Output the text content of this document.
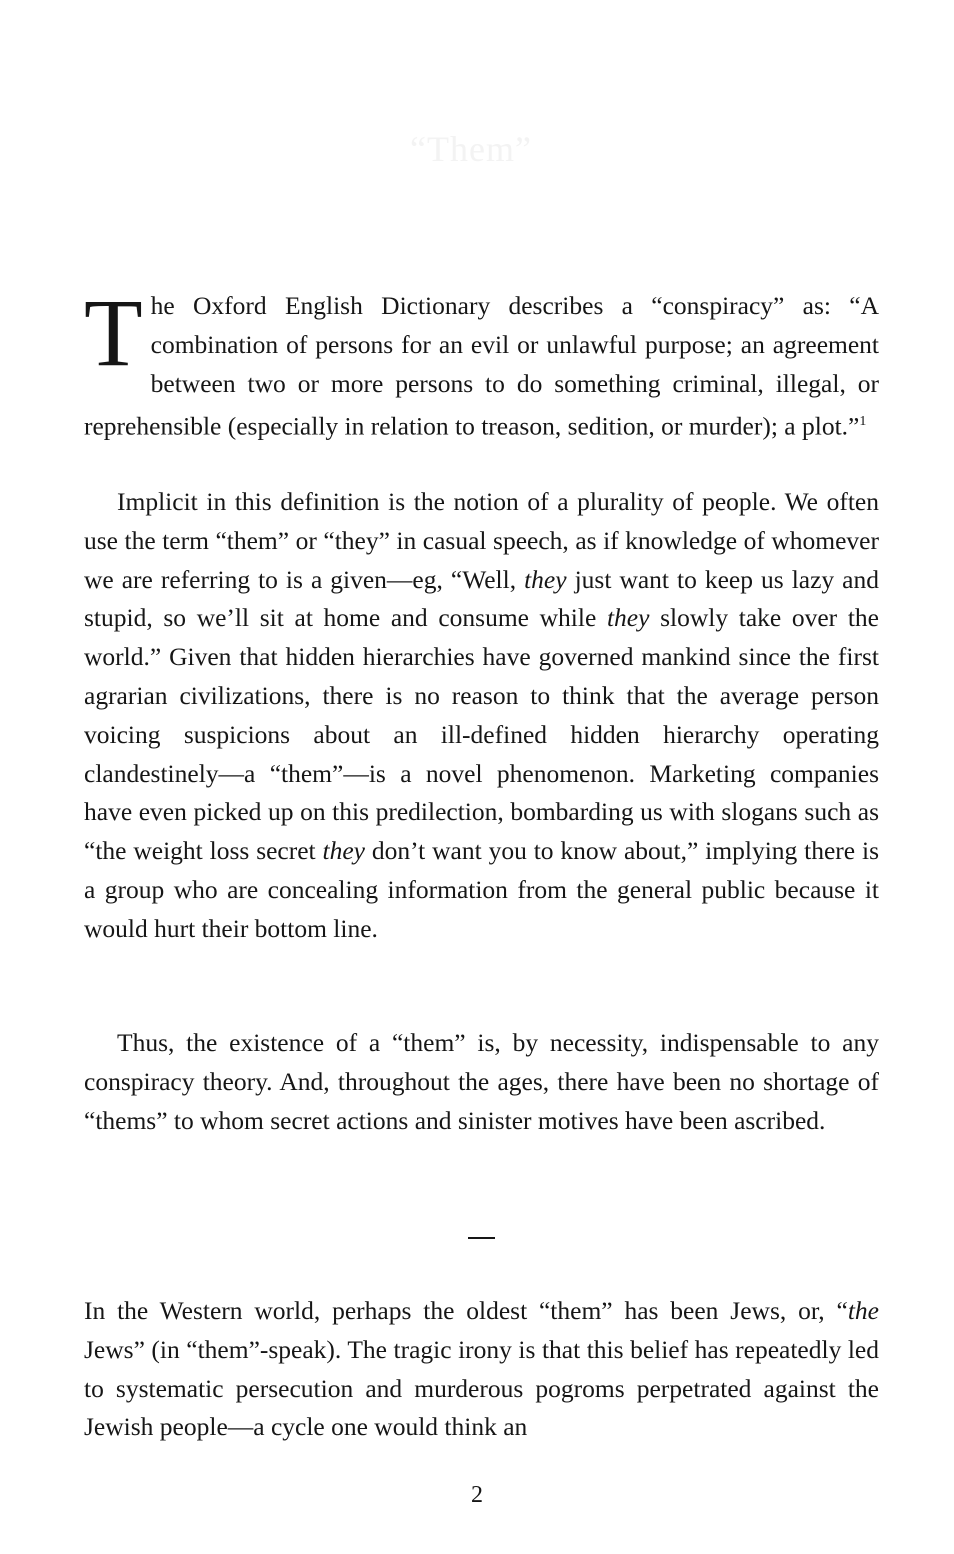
“Them”

The Oxford English Dictionary describes a “conspiracy” as: “A combination of persons for an evil or unlawful purpose; an agreement between two or more persons to do something criminal, illegal, or reprehensible (especially in relation to treason, sedition, or murder); a plot.”$^1$

Implicit in this definition is the notion of a plurality of people. We often use the term “them” or “they” in casual speech, as if knowledge of whomever we are referring to is a given—eg, “Well, they just want to keep us lazy and stupid, so we’ll sit at home and consume while they slowly take over the world.” Given that hidden hierarchies have governed mankind since the first agrarian civilizations, there is no reason to think that the average person voicing suspicions about an ill-defined hidden hierarchy operating clandestinely—a “them”—is a novel phenomenon. Marketing companies have even picked up on this predilection, bombarding us with slogans such as “the weight loss secret they don’t want you to know about,” implying there is a group who are concealing information from the general public because it would hurt their bottom line.

Thus, the existence of a “them” is, by necessity, indispensable to any conspiracy theory. And, throughout the ages, there have been no shortage of “thems” to whom secret actions and sinister motives have been ascribed.

In the Western world, perhaps the oldest “them” has been Jews, or, “the Jews” (in “them”-speak). The tragic irony is that this belief has repeatedly led to systematic persecution and murderous pogroms perpetrated against the Jewish people—a cycle one would think an

2
